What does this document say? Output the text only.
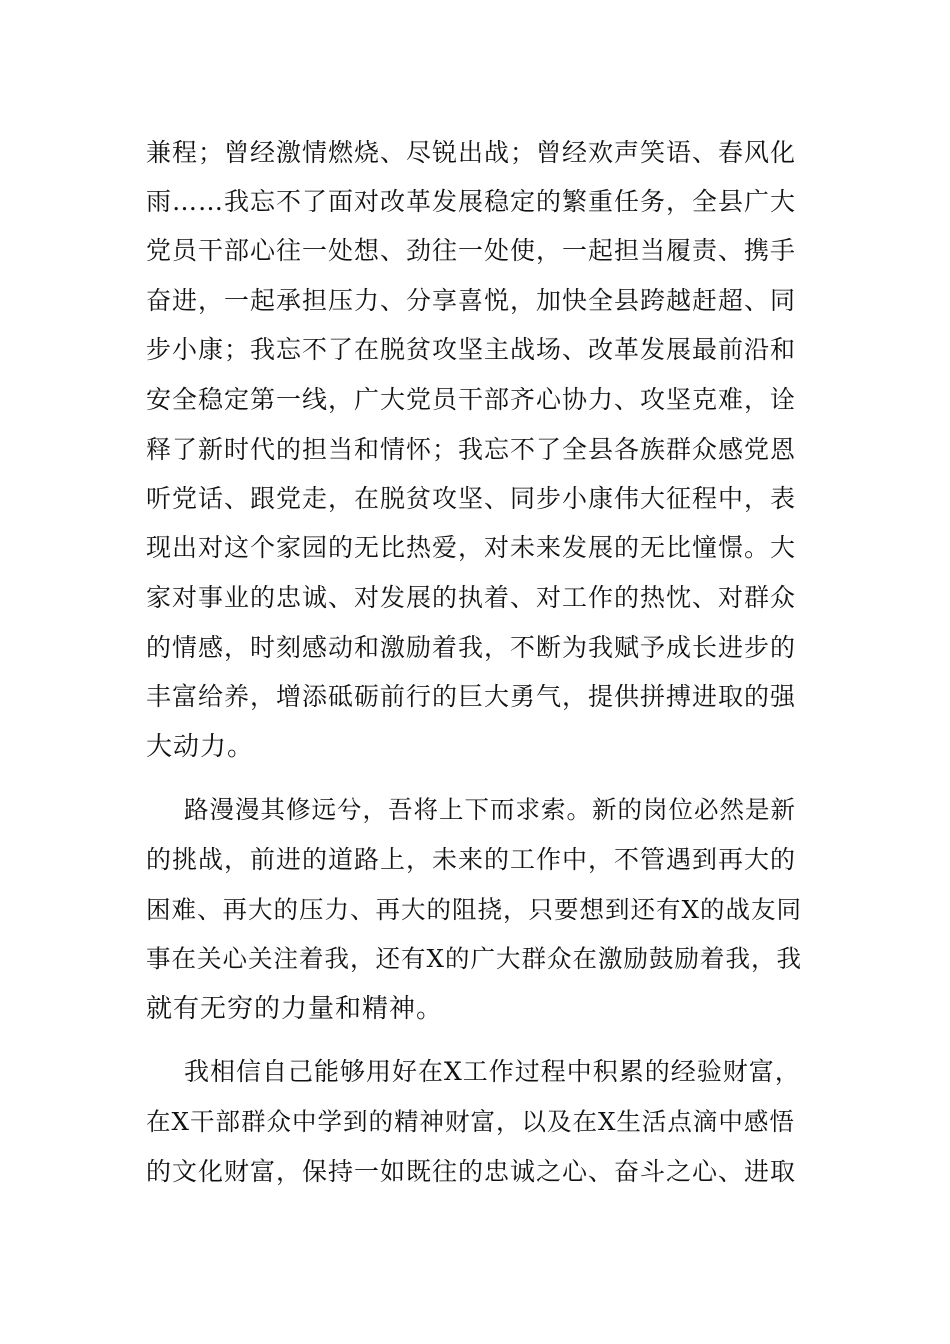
兼程；曾经激情燃烧、尽锐出战；曾经欢声笑语、春风化
雨……我忘不了面对改革发展稳定的繁重任务，全县广大
党员干部心往一处想、劲往一处使，一起担当履责、携手
奋进，一起承担压力、分享喜悦，加快全县跨越赶超、同
步小康；我忘不了在脱贫攻坚主战场、改革发展最前沿和
安全稳定第一线，广大党员干部齐心协力、攻坚克难，诠
释了新时代的担当和情怀；我忘不了全县各族群众感党恩
听党话、跟党走，在脱贫攻坚、同步小康伟大征程中，表
现出对这个家园的无比热爱，对未来发展的无比憧憬。大
家对事业的忠诚、对发展的执着、对工作的热忱、对群众
的情感，时刻感动和激励着我，不断为我赋予成长进步的
丰富给养，增添砥砺前行的巨大勇气，提供拼搏进取的强
大动力。
路漫漫其修远兮，吾将上下而求索。新的岗位必然是新
的挑战，前进的道路上，未来的工作中，不管遇到再大的
困难、再大的压力、再大的阻挠，只要想到还有X的战友同
事在关心关注着我，还有X的广大群众在激励鼓励着我，我
就有无穷的力量和精神。
我相信自己能够用好在X工作过程中积累的经验财富，
在X干部群众中学到的精神财富，以及在X生活点滴中感悟
的文化财富，保持一如既往的忠诚之心、奋斗之心、进取
